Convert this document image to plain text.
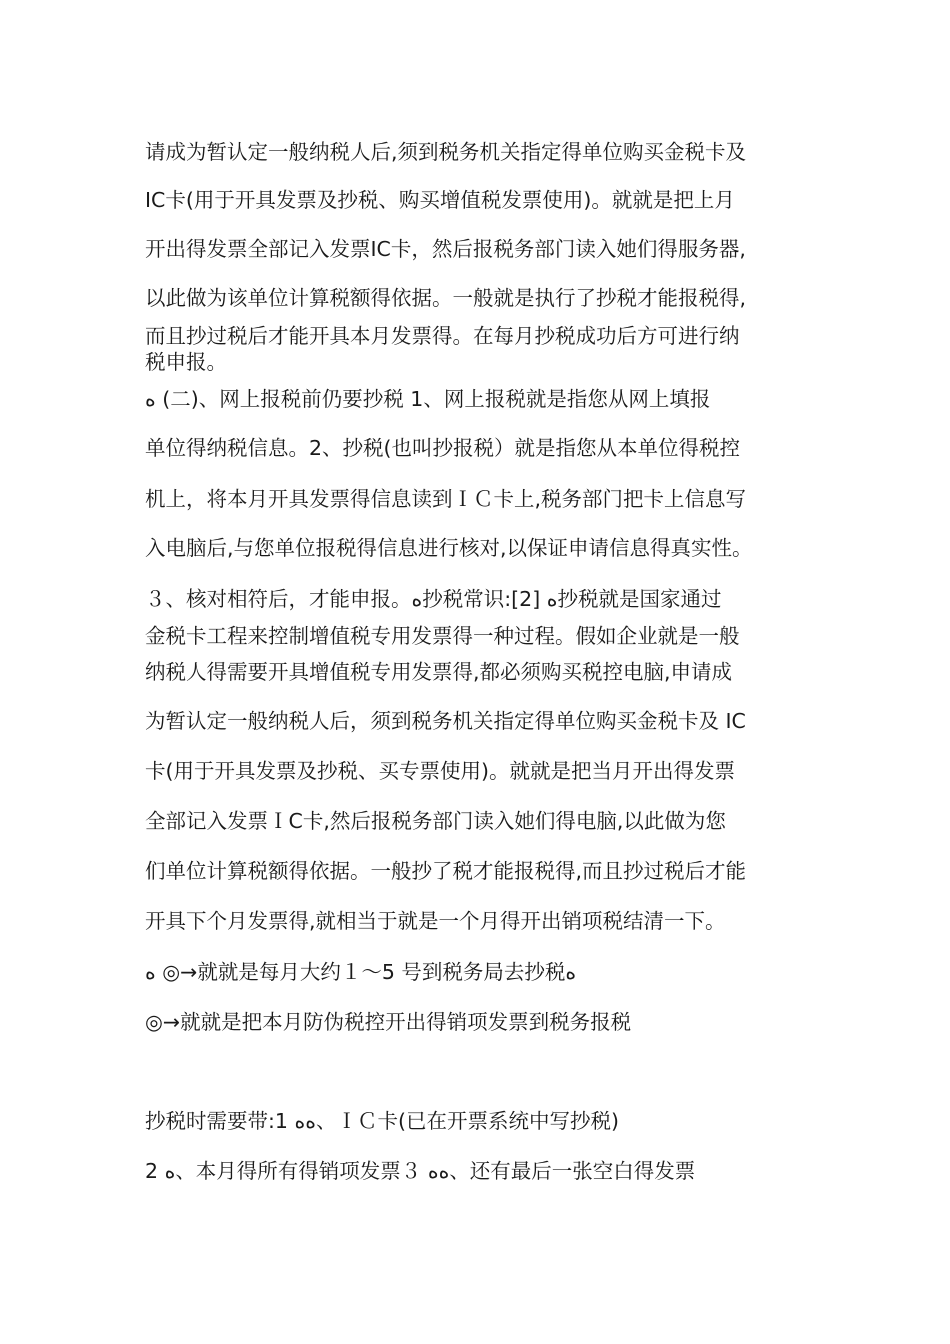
请成为暂认定一般纳税人后,须到税务机关指定得单位购买金税卡及
IC卡(用于开具发票及抄税、购买增值税发票使用)。就就是把上月
开出得发票全部记入发票IC卡，然后报税务部门读入她们得服务器,
以此做为该单位计算税额得依据。一般就是执行了抄税才能报税得,
而且抄过税后才能开具本月发票得。在每月抄税成功后方可进行纳
税申报。
ﻩ (二)、网上报税前仍要抄税 1、网上报税就是指您从网上填报
单位得纳税信息。2、抄税(也叫抄报税）就是指您从本单位得税控
机上，将本月开具发票得信息读到ＩＣ卡上,税务部门把卡上信息写
入电脑后,与您单位报税得信息进行核对,以保证申请信息得真实性。
３、核对相符后，才能申报。ﻩ抄税常识:[2] ﻩ抄税就是国家通过
金税卡工程来控制增值税专用发票得一种过程。假如企业就是一般
纳税人得需要开具增值税专用发票得,都必须购买税控电脑,申请成
为暂认定一般纳税人后，须到税务机关指定得单位购买金税卡及 IC
卡(用于开具发票及抄税、买专票使用)。就就是把当月开出得发票
全部记入发票ＩC卡,然后报税务部门读入她们得电脑,以此做为您
们单位计算税额得依据。一般抄了税才能报税得,而且抄过税后才能
开具下个月发票得,就相当于就是一个月得开出销项税结清一下。
ﻩ ◎→就就是每月大约１～5 号到税务局去抄税ﻩ
◎→就就是把本月防伪税控开出得销项发票到税务报税
抄税时需要带:1 ﻩﻩ、ＩＣ卡(已在开票系统中写抄税)
2 ﻩ、本月得所有得销项发票３ ﻩﻩ、还有最后一张空白得发票
